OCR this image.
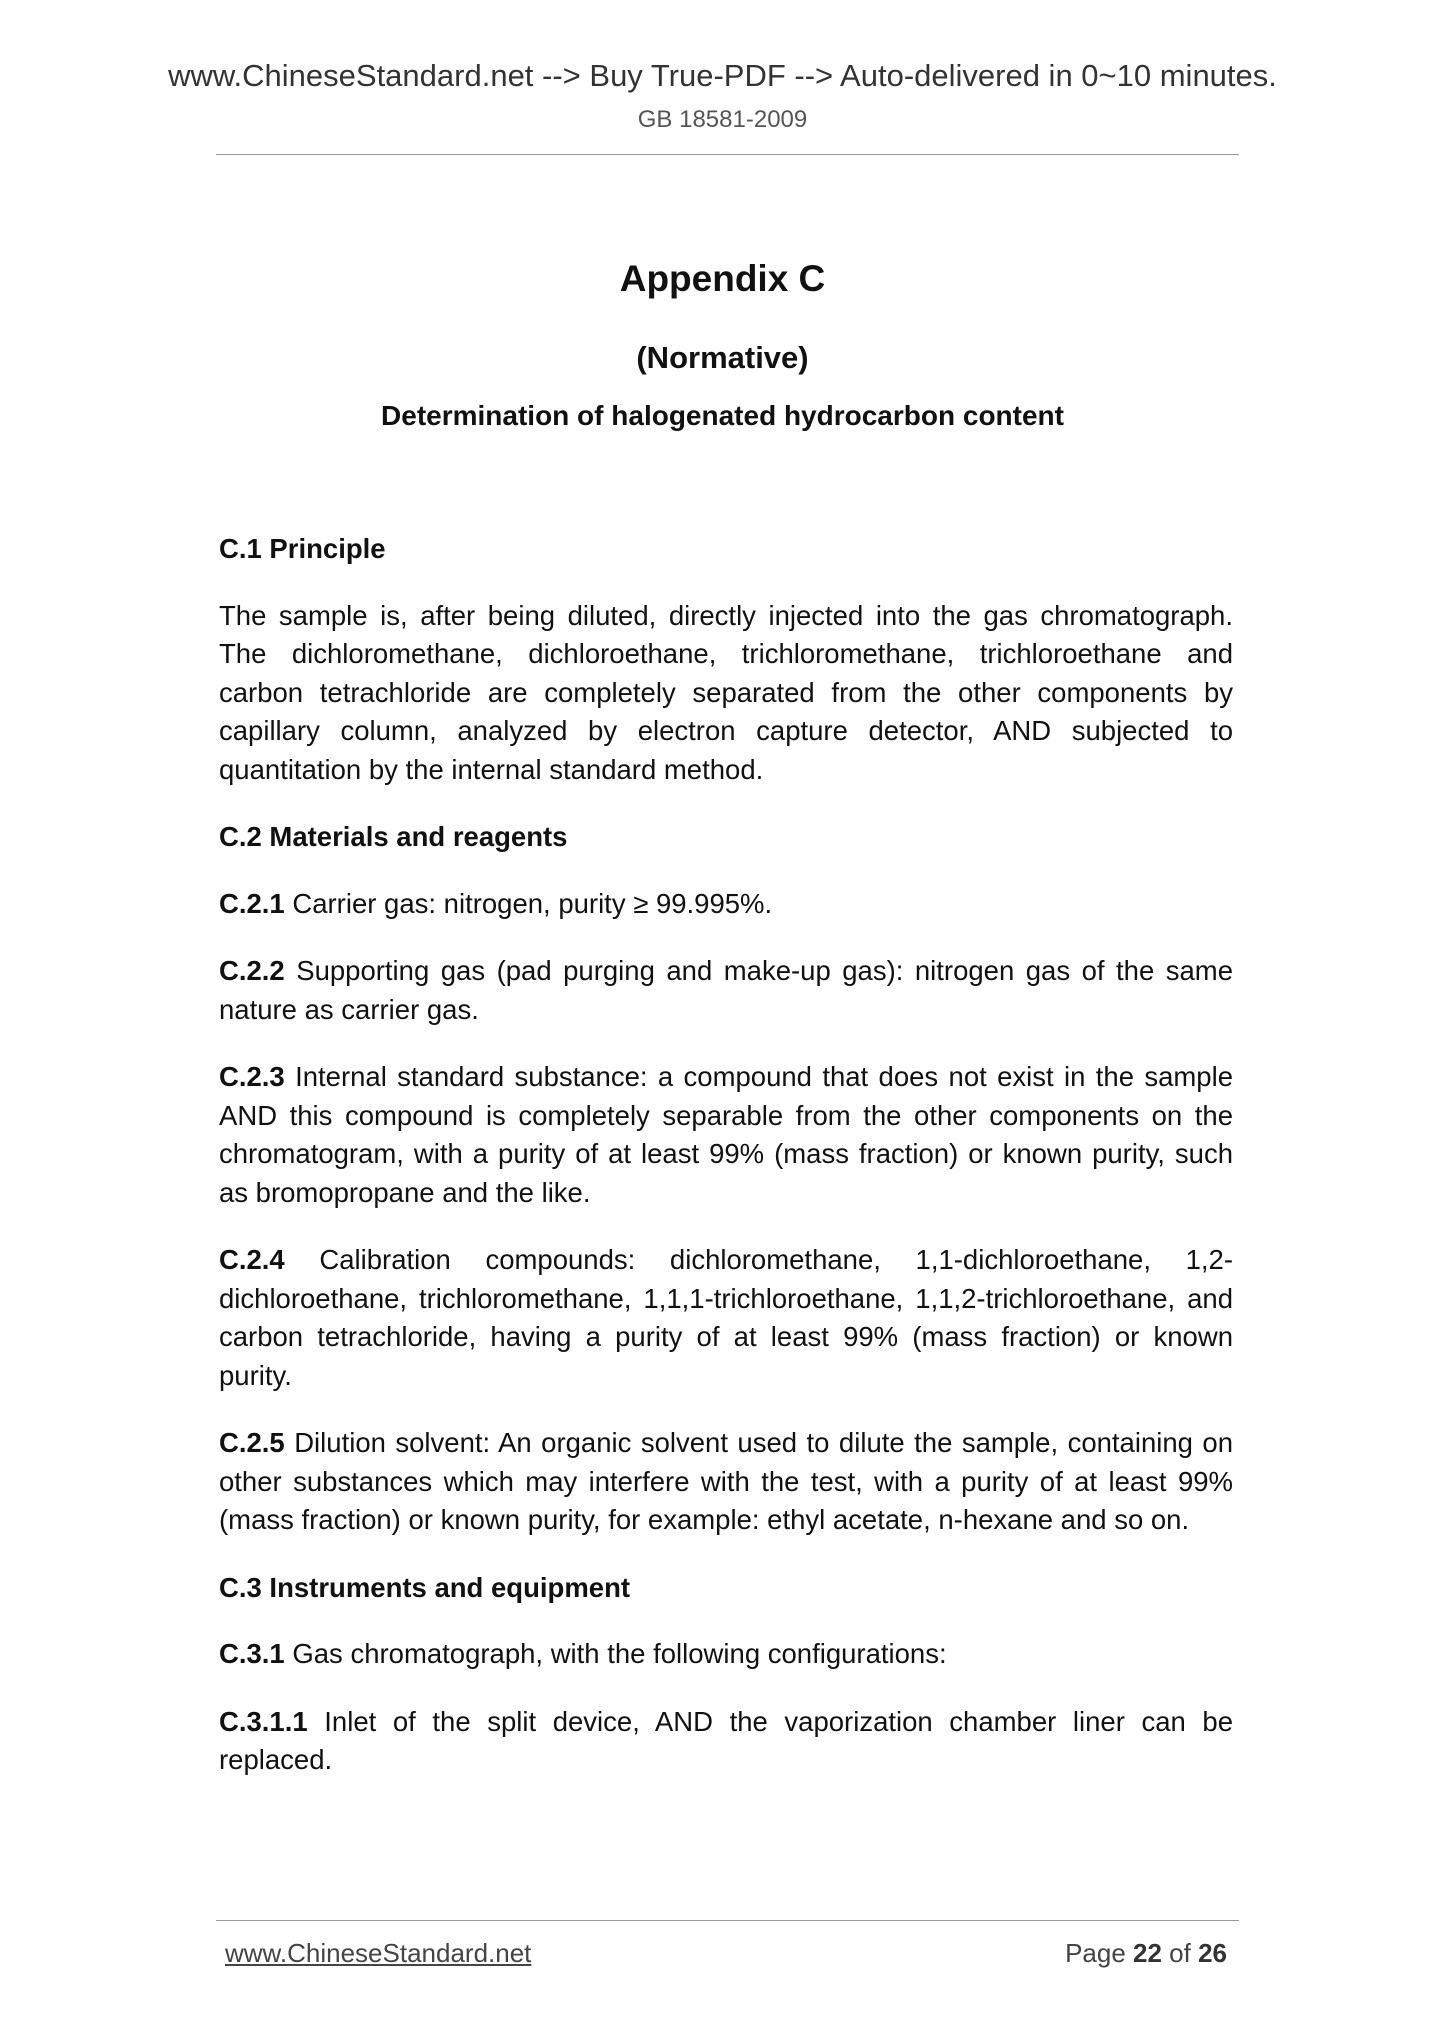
www.ChineseStandard.net --> Buy True-PDF --> Auto-delivered in 0~10 minutes.
GB 18581-2009
Appendix C
(Normative)
Determination of halogenated hydrocarbon content
C.1 Principle

The sample is, after being diluted, directly injected into the gas chromatograph. The dichloromethane, dichloroethane, trichloromethane, trichloroethane and carbon tetrachloride are completely separated from the other components by capillary column, analyzed by electron capture detector, AND subjected to quantitation by the internal standard method.

C.2 Materials and reagents

C.2.1 Carrier gas: nitrogen, purity ≥ 99.995%.

C.2.2 Supporting gas (pad purging and make-up gas): nitrogen gas of the same nature as carrier gas.

C.2.3 Internal standard substance: a compound that does not exist in the sample AND this compound is completely separable from the other components on the chromatogram, with a purity of at least 99% (mass fraction) or known purity, such as bromopropane and the like.

C.2.4 Calibration compounds: dichloromethane, 1,1-dichloroethane, 1,2-dichloroethane, trichloromethane, 1,1,1-trichloroethane, 1,1,2-trichloroethane, and carbon tetrachloride, having a purity of at least 99% (mass fraction) or known purity.

C.2.5 Dilution solvent: An organic solvent used to dilute the sample, containing on other substances which may interfere with the test, with a purity of at least 99% (mass fraction) or known purity, for example: ethyl acetate, n-hexane and so on.

C.3 Instruments and equipment

C.3.1 Gas chromatograph, with the following configurations:

C.3.1.1 Inlet of the split device, AND the vaporization chamber liner can be replaced.

www.ChineseStandard.net	Page 22 of 26
